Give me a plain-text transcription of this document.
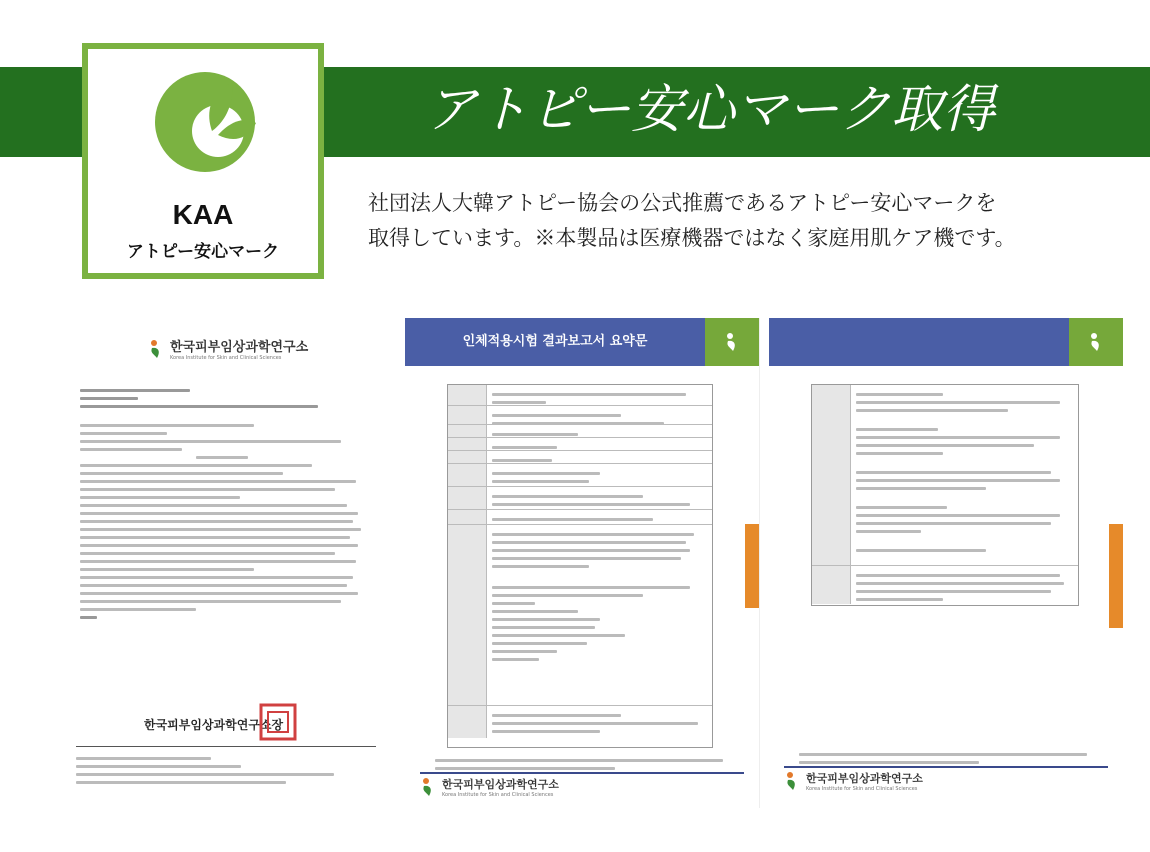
アトピー安心マーク取得
KAA
アトピー安心マーク

社団法人大韓アトピー協会の公式推薦であるアトピー安心マークを
取得しています。※本製品は医療機器ではなく家庭用肌ケア機です。

한국피부임상과학연구소
Korea Institute for Skin and Clinical Sciences
한국피부임상과학연구소장
인체적용시험 결과보고서 요약문
한국피부임상과학연구소
Korea Institute for Skin and Clinical Sciences
한국피부임상과학연구소
Korea Institute for Skin and Clinical Sciences
